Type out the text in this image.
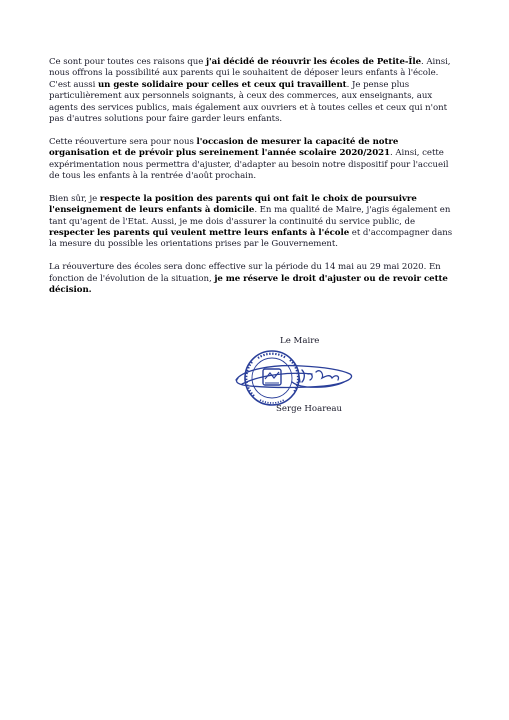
Ce sont pour toutes ces raisons que j'ai décidé de réouvrir les écoles de Petite-Île. Ainsi, nous offrons la possibilité aux parents qui le souhaitent de déposer leurs enfants à l'école. C'est aussi un geste solidaire pour celles et ceux qui travaillent. Je pense plus particulièrement aux personnels soignants, à ceux des commerces, aux enseignants, aux agents des services publics, mais également aux ouvriers et à toutes celles et ceux qui n'ont pas d'autres solutions pour faire garder leurs enfants.

Cette réouverture sera pour nous l'occasion de mesurer la capacité de notre organisation et de prévoir plus sereinement l'année scolaire 2020/2021. Ainsi, cette expérimentation nous permettra d'ajuster, d'adapter au besoin notre dispositif pour l'accueil de tous les enfants à la rentrée d'août prochain.

Bien sûr, je respecte la position des parents qui ont fait le choix de poursuivre l'enseignement de leurs enfants à domicile. En ma qualité de Maire, j'agis également en tant qu'agent de l'Etat. Aussi, je me dois d'assurer la continuité du service public, de respecter les parents qui veulent mettre leurs enfants à l'école et d'accompagner dans la mesure du possible les orientations prises par le Gouvernement.

La réouverture des écoles sera donc effective sur la période du 14 mai au 29 mai 2020. En fonction de l'évolution de la situation, je me réserve le droit d'ajuster ou de revoir cette décision.

Le Maire
Serge Hoareau
